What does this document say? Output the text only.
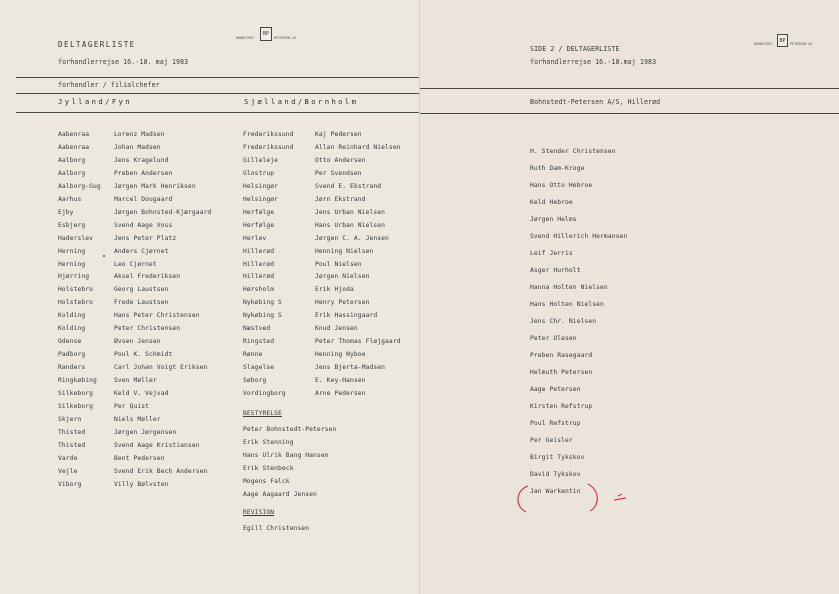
DELTAGERLISTE
forhandlerrejse 16.-18. maj 1983
BOHNSTEDT
BP
PETERSEN AS
forhandler / filialchefer
Jylland/Fyn	Sjælland/Bornholm
Aabenraa	Lorenz Madsen
Aabenraa	Johan Madsen
Aalborg	Jens Kragelund
Aalborg	Preben Andersen
Aalborg-Gug Jørgen Mark Henriksen
Aarhus	Marcel Dougaard
Ejby	Jørgen Bohnsted-Kjærgaard
Esbjerg	Svend Aage Voss
Haderslev	Jens Peter Platz
Herning	Anders Cjørnet
Herning	Leo Cjørnet
Hjørring	Aksel Frederiksen
Holstebro	Georg Laustsen
Holstebro	Frede Laustsen
Kolding	Hans Peter Christensen
Kolding	Peter Christensen
Odense	Øvsen Jensen
Padborg	Poul K. Schmidt
Randers	Carl Johan Voigt Eriksen
Ringkøbing	Sven Møller
Silkeborg	Keld V. Vejvad
Silkeborg	Per Quist
Skjern	Niels Møller
Thisted	Jørgen Jørgensen
Thisted	Svend Aage Kristiansen
Varde	Bent Pedersen
Vejle	Svend Erik Bech Andersen
Viborg	Villy Bølvsten
Frederikssund	Kaj Pedersen
Frederikssund	Allan Reinhard Nielsen
Gilleleje	Otto Andersen
Glostrup	Per Svendsen
Helsingør	Svend E. Ekstrand
Helsingør	Jørn Ekstrand
Herfølge	Jens Urban Nielsen
Herfølge	Hans Urban Nielsen
Herlev	Jørgen C. A. Jensen
Hillerød	Henning Nielsen
Hillerød	Poul Nielsen
Hillerød	Jørgen Nielsen
Hørsholm	Erik Hjoda
Nykøbing S	Henry Petersen
Nykøbing S	Erik Hassingaard
Næstved	Knud Jensen
Ringsted	Peter Thomas Fløjgaard
Rønne	Henning Nyboe
Slagelse	Jens Bjerta-Madsen
Søborg	E. Key-Hansen
Vordingborg	Arne Pedersen
BESTYRELSE
Peter Bohnstedt-Petersen
Erik Stenning
Hans Ulrik Bang Hansen
Erik Stenbeck
Mogens Falck
Aage Aagaard Jensen
REVISION
Egill Christensen
SIDE 2 / DELTAGERLISTE
forhandlerrejse 16.-18.maj 1983
BOHNSTEDT
BP
PETERSEN AS
Bohnstedt-Petersen A/S, Hillerød
H. Stender Christensen
Ruth Dam-Kroge
Hans Otto Hebroe
Keld Hebroe
Jørgen Helms
Svend Hillerich Hermansen
Leif Jerris
Asger Hurholt
Hanna Holten Nielsen
Hans Holten Nielsen
Jens Chr. Nielsen
Peter Olesen
Preben Rasegaard
Helmuth Petersen
Aage Petersen
Kirsten Refstrup
Poul Refstrup
Per Geisler
Birgit Tykskov
David Tykskov
Jan Warkentin
